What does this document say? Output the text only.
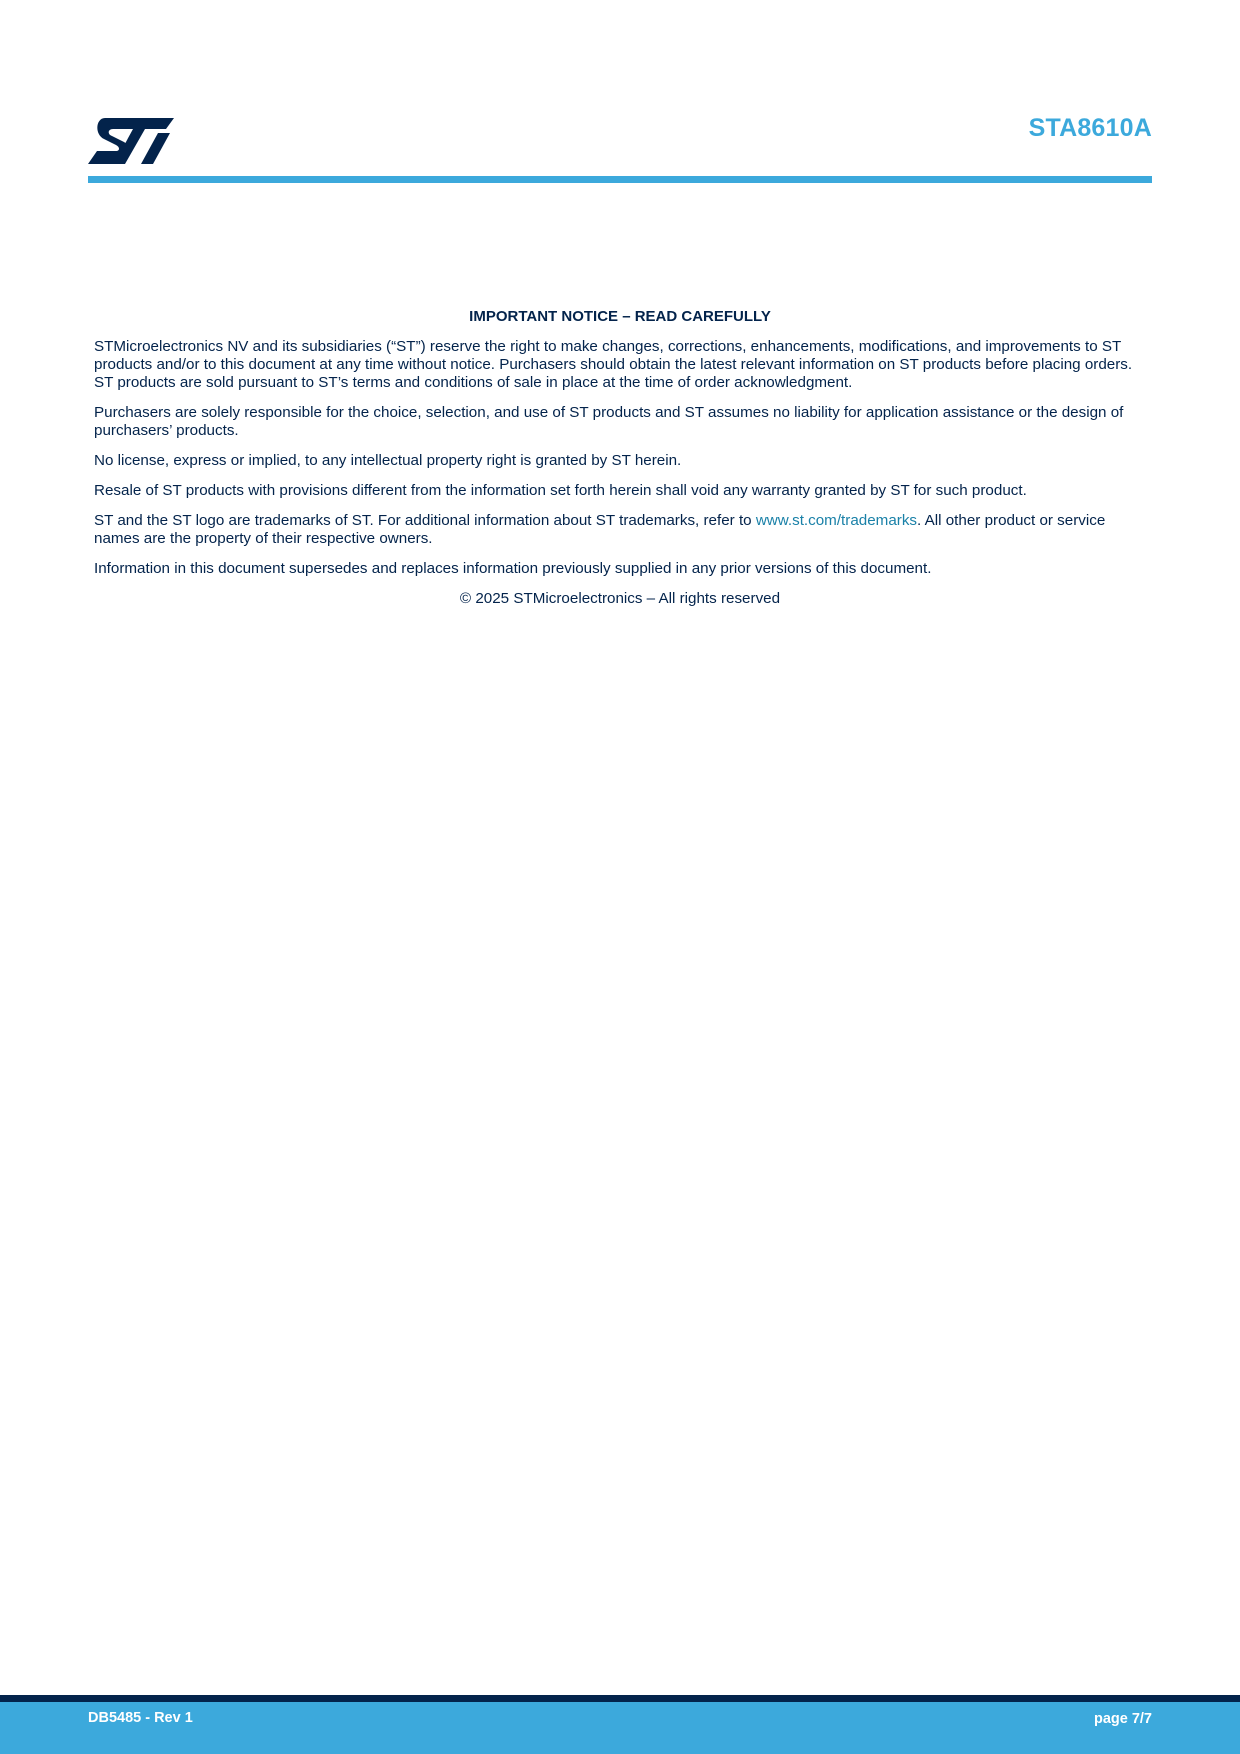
STA8610A
IMPORTANT NOTICE – READ CAREFULLY

STMicroelectronics NV and its subsidiaries (“ST”) reserve the right to make changes, corrections, enhancements, modifications, and improvements to ST products and/or to this document at any time without notice. Purchasers should obtain the latest relevant information on ST products before placing orders. ST products are sold pursuant to ST’s terms and conditions of sale in place at the time of order acknowledgment.

Purchasers are solely responsible for the choice, selection, and use of ST products and ST assumes no liability for application assistance or the design of purchasers’ products.

No license, express or implied, to any intellectual property right is granted by ST herein.

Resale of ST products with provisions different from the information set forth herein shall void any warranty granted by ST for such product.

ST and the ST logo are trademarks of ST. For additional information about ST trademarks, refer to www.st.com/trademarks. All other product or service names are the property of their respective owners.

Information in this document supersedes and replaces information previously supplied in any prior versions of this document.

© 2025 STMicroelectronics – All rights reserved

DB5485 - Rev 1	page 7/7
